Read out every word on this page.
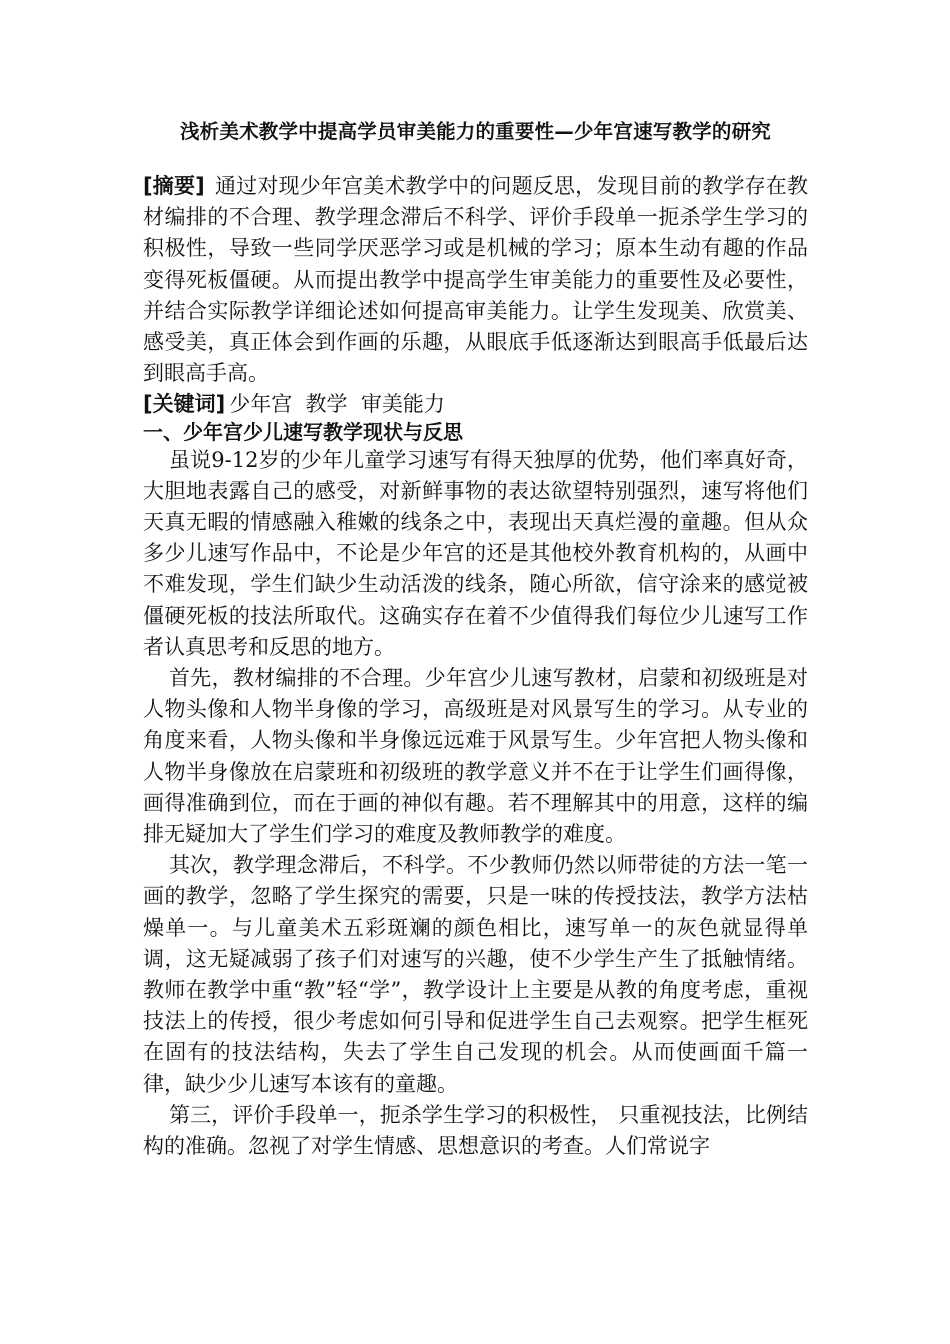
浅析美术教学中提高学员审美能力的重要性—少年宫速写教学的研究

[摘要] 通过对现少年宫美术教学中的问题反思，发现目前的教学存在教材编排的不合理、教学理念滞后不科学、评价手段单一扼杀学生学习的积极性，导致一些同学厌恶学习或是机械的学习；原本生动有趣的作品变得死板僵硬。从而提出教学中提高学生审美能力的重要性及必要性，并结合实际教学详细论述如何提高审美能力。让学生发现美、欣赏美、感受美，真正体会到作画的乐趣，从眼底手低逐渐达到眼高手低最后达到眼高手高。

[关键词] 少年宫  教学  审美能力

一、少年宫少儿速写教学现状与反思

虽说9-12岁的少年儿童学习速写有得天独厚的优势，他们率真好奇，大胆地表露自己的感受，对新鲜事物的表达欲望特别强烈，速写将他们天真无暇的情感融入稚嫩的线条之中，表现出天真烂漫的童趣。但从众多少儿速写作品中，不论是少年宫的还是其他校外教育机构的，从画中不难发现，学生们缺少生动活泼的线条，随心所欲，信守涂来的感觉被僵硬死板的技法所取代。这确实存在着不少值得我们每位少儿速写工作者认真思考和反思的地方。

首先，教材编排的不合理。少年宫少儿速写教材，启蒙和初级班是对人物头像和人物半身像的学习，高级班是对风景写生的学习。从专业的角度来看，人物头像和半身像远远难于风景写生。少年宫把人物头像和人物半身像放在启蒙班和初级班的教学意义并不在于让学生们画得像，画得准确到位，而在于画的神似有趣。若不理解其中的用意，这样的编排无疑加大了学生们学习的难度及教师教学的难度。

其次，教学理念滞后，不科学。不少教师仍然以师带徒的方法一笔一画的教学，忽略了学生探究的需要，只是一味的传授技法，教学方法枯燥单一。与儿童美术五彩斑斓的颜色相比，速写单一的灰色就显得单调，这无疑减弱了孩子们对速写的兴趣，使不少学生产生了抵触情绪。教师在教学中重“教”轻“学”，教学设计上主要是从教的角度考虑，重视技法上的传授，很少考虑如何引导和促进学生自己去观察。把学生框死在固有的技法结构，失去了学生自己发现的机会。从而使画面千篇一律，缺少少儿速写本该有的童趣。

第三，评价手段单一，扼杀学生学习的积极性， 只重视技法，比例结构的准确。忽视了对学生情感、思想意识的考查。人们常说字
